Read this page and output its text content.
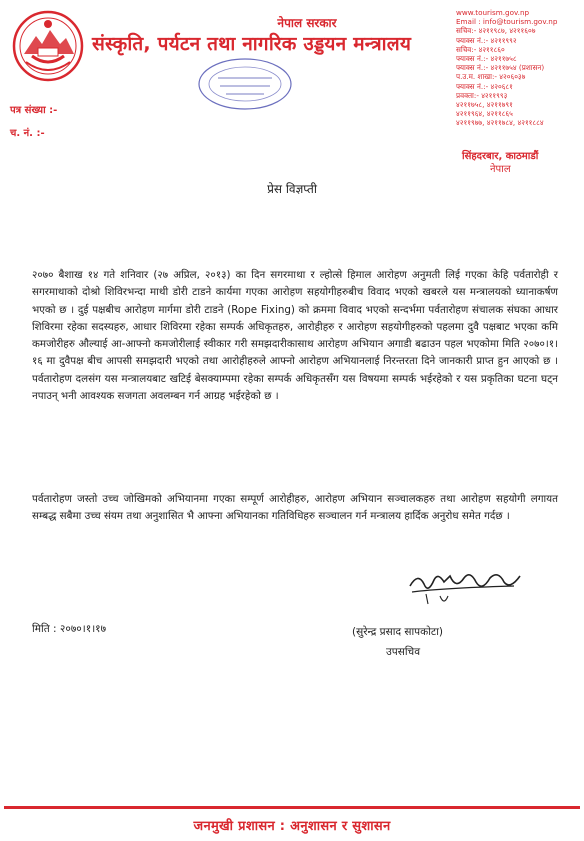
नेपाल सरकार
संस्कृति, पर्यटन तथा नागरिक उड्डयन मन्त्रालय
www.tourism.gov.np
Email : info@tourism.gov.np
सचिव:- ४२११९८७, ४२११६०७
फ्याक्स नं.:- ४२११९९२
सचिव:- ४२११८६०
फ्याक्स नं.:- ४२११७५८
फ्याक्स नं.:- ४२११७५४ (प्रशासन)
प.उ.म. शाखा:- ४२०६०३७
फ्याक्स नं.:- ४२०६८१
प्रवक्ता:- ४२११९९३
४२११७५८, ४२११७९१
४२११९६४, ४२११८६५
४२११९७७, ४२११७८४, ४२११८८४
पत्र संख्या :-
च. नं. :-
सिंहदरबार, काठमाडौं
नेपाल
प्रेस विज्ञप्ती
२०७० बैशाख १४ गते शनिवार (२७ अप्रिल, २०१३) का दिन सगरमाथा र ल्होत्से हिमाल आरोहण अनुमती लिई गएका केहि पर्वतारोही र सगरमाथाको दोश्रो शिविरभन्दा माथी डोरी टाडने कार्यमा गएका आरोहण सहयोगीहरुबीच विवाद भएको खबरले यस मन्त्रालयको ध्यानाकर्षण भएको छ । दुई पक्षबीच आरोहण मार्गमा डोरी टाडने (Rope Fixing) को क्रममा विवाद भएको सन्दर्भमा पर्वतारोहण संचालक संघका आधार शिविरमा रहेका सदस्यहरु, आधार शिविरमा रहेका सम्पर्क अधिकृतहरु, आरोहीहरु र आरोहण सहयोगीहरुको पहलमा दुवै पक्षबाट भएका कमि कमजोरीहरु औल्याई आ-आफ्नो कमजोरीलाई स्वीकार गरी समझदारीकासाथ आरोहण अभियान अगाडी बढाउन पहल भएकोमा मिति २०७०।१।१६ मा दुवैपक्ष बीच आपसी समझदारी भएको तथा आरोहीहरुले आफ्नो आरोहण अभियानलाई निरन्तरता दिने जानकारी प्राप्त हुन आएको छ । पर्वतारोहण दलसंग यस मन्त्रालयबाट खटिई बेसक्याम्पमा रहेका सम्पर्क अधिकृतसँग यस विषयमा सम्पर्क भईरहेको र यस प्रकृतिका घटना घट्न नपाउन् भनी आवश्यक सजगता अवलम्बन गर्न आग्रह भईरहेको छ ।
पर्वतारोहण जस्तो उच्च जोखिमको अभियानमा गएका सम्पूर्ण आरोहीहरु, आरोहण अभियान सञ्चालकहरु तथा आरोहण सहयोगी लगायत सम्बद्ध सबैमा उच्च संयम तथा अनुशासित भै आफ्ना अभियानका गतिविधिहरु सञ्चालन गर्न मन्त्रालय हार्दिक अनुरोध समेत गर्दछ ।
मिति : २०७०।१।१७	(सुरेन्द्र प्रसाद सापकोटा)
उपसचिव
जनमुखी प्रशासन : अनुशासन र सुशासन
